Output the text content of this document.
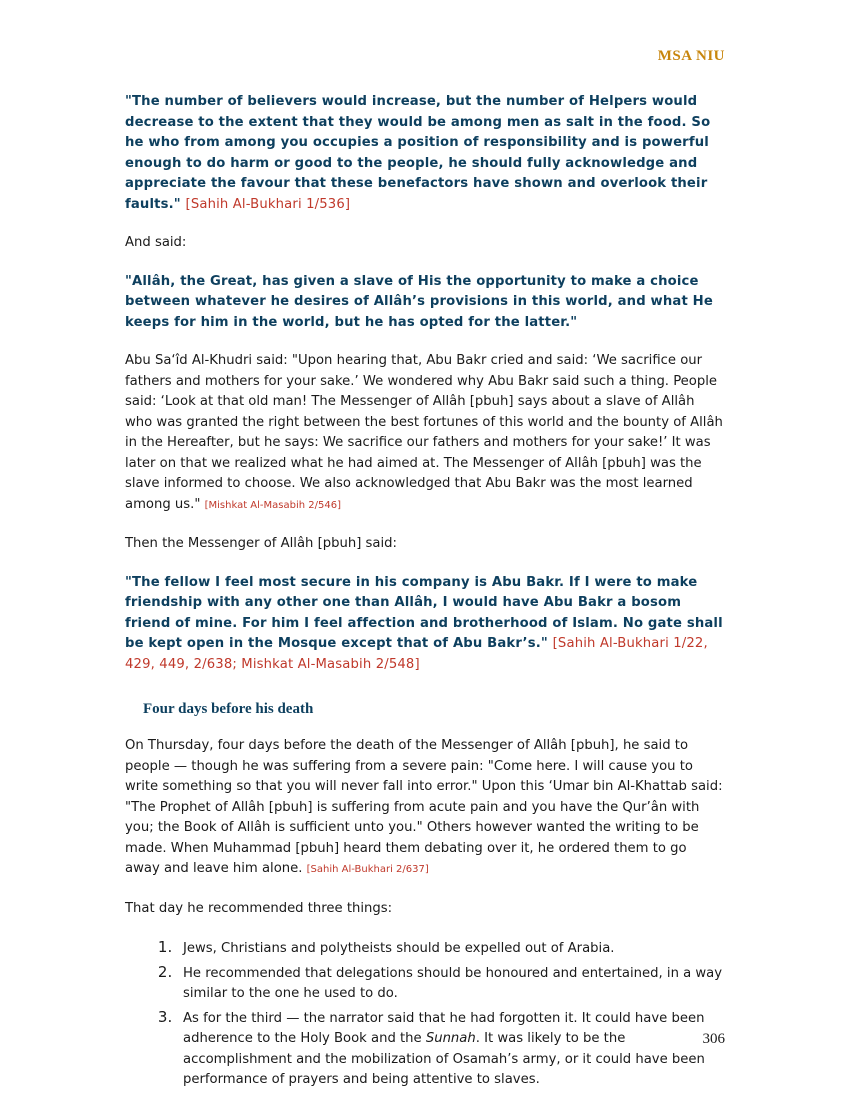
MSA NIU

"The number of believers would increase, but the number of Helpers would decrease to the extent that they would be among men as salt in the food. So he who from among you occupies a position of responsibility and is powerful enough to do harm or good to the people, he should fully acknowledge and appreciate the favour that these benefactors have shown and overlook their faults." [Sahih Al-Bukhari 1/536]

And said:

"Allâh, the Great, has given a slave of His the opportunity to make a choice between whatever he desires of Allâh’s provisions in this world, and what He keeps for him in the world, but he has opted for the latter."

Abu Sa‘îd Al-Khudri said: "Upon hearing that, Abu Bakr cried and said: ‘We sacrifice our fathers and mothers for your sake.’ We wondered why Abu Bakr said such a thing. People said: ‘Look at that old man! The Messenger of Allâh [pbuh] says about a slave of Allâh who was granted the right between the best fortunes of this world and the bounty of Allâh in the Hereafter, but he says: We sacrifice our fathers and mothers for your sake!’ It was later on that we realized what he had aimed at. The Messenger of Allâh [pbuh] was the slave informed to choose. We also acknowledged that Abu Bakr was the most learned among us." [Mishkat Al-Masabih 2/546]

Then the Messenger of Allâh [pbuh] said:

"The fellow I feel most secure in his company is Abu Bakr. If I were to make friendship with any other one than Allâh, I would have Abu Bakr a bosom friend of mine. For him I feel affection and brotherhood of Islam. No gate shall be kept open in the Mosque except that of Abu Bakr’s." [Sahih Al-Bukhari 1/22, 429, 449, 2/638; Mishkat Al-Masabih 2/548]

Four days before his death

On Thursday, four days before the death of the Messenger of Allâh [pbuh], he said to people — though he was suffering from a severe pain: "Come here. I will cause you to write something so that you will never fall into error." Upon this ‘Umar bin Al-Khattab said: "The Prophet of Allâh [pbuh] is suffering from acute pain and you have the Qur’ân with you; the Book of Allâh is sufficient unto you." Others however wanted the writing to be made. When Muhammad [pbuh] heard them debating over it, he ordered them to go away and leave him alone. [Sahih Al-Bukhari 2/637]

That day he recommended three things:

1. Jews, Christians and polytheists should be expelled out of Arabia.
2. He recommended that delegations should be honoured and entertained, in a way similar to the one he used to do.
3. As for the third — the narrator said that he had forgotten it. It could have been adherence to the Holy Book and the Sunnah. It was likely to be the accomplishment and the mobilization of Osamah’s army, or it could have been performance of prayers and being attentive to slaves.
306
